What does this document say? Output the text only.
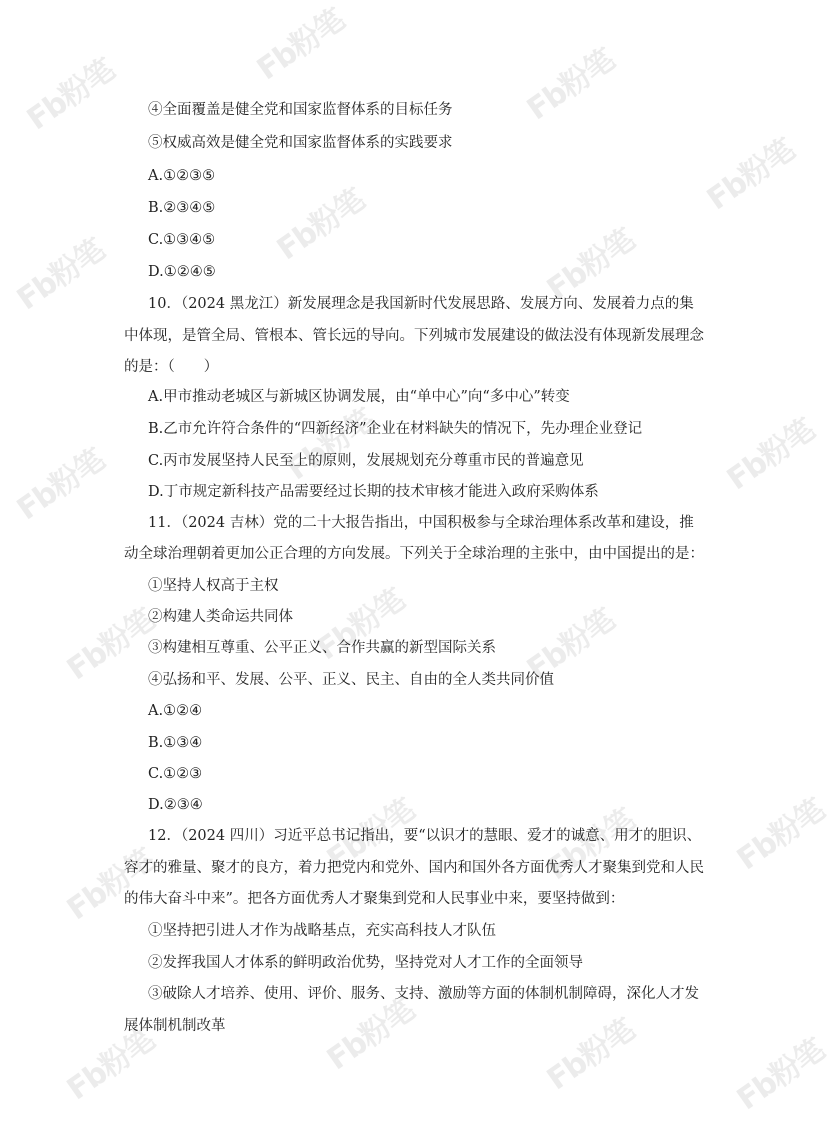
Fb粉笔
Fb粉笔	Fb粉笔
Fb粉笔
Fb粉笔
Fb粉笔	Fb粉笔
Fb粉笔	Fb粉笔	Fb粉笔
Fb粉笔	Fb粉笔	Fb粉笔
Fb粉笔
Fb粉笔
Fb粉笔	Fb粉笔
Fb粉笔	Fb粉笔	Fb粉笔	Fb粉笔
④全面覆盖是健全党和国家监督体系的目标任务
⑤权威高效是健全党和国家监督体系的实践要求
A.①②③⑤
B.②③④⑤
C.①③④⑤
D.①②④⑤
10．（2024 黑龙江）新发展理念是我国新时代发展思路、发展方向、发展着力点的集
中体现，是管全局、管根本、管长远的导向。下列城市发展建设的做法没有体现新发展理念
的是：（　　）
A.甲市推动老城区与新城区协调发展，由“单中心”向“多中心”转变
B.乙市允许符合条件的“四新经济”企业在材料缺失的情况下，先办理企业登记
C.丙市发展坚持人民至上的原则，发展规划充分尊重市民的普遍意见
D.丁市规定新科技产品需要经过长期的技术审核才能进入政府采购体系
11．（2024 吉林）党的二十大报告指出，中国积极参与全球治理体系改革和建设，推
动全球治理朝着更加公正合理的方向发展。下列关于全球治理的主张中，由中国提出的是：
①坚持人权高于主权
②构建人类命运共同体
③构建相互尊重、公平正义、合作共赢的新型国际关系
④弘扬和平、发展、公平、正义、民主、自由的全人类共同价值
A.①②④
B.①③④
C.①②③
D.②③④
12．（2024 四川）习近平总书记指出，要“以识才的慧眼、爱才的诚意、用才的胆识、
容才的雅量、聚才的良方，着力把党内和党外、国内和国外各方面优秀人才聚集到党和人民
的伟大奋斗中来”。把各方面优秀人才聚集到党和人民事业中来，要坚持做到：
①坚持把引进人才作为战略基点，充实高科技人才队伍
②发挥我国人才体系的鲜明政治优势，坚持党对人才工作的全面领导
③破除人才培养、使用、评价、服务、支持、激励等方面的体制机制障碍，深化人才发
展体制机制改革
